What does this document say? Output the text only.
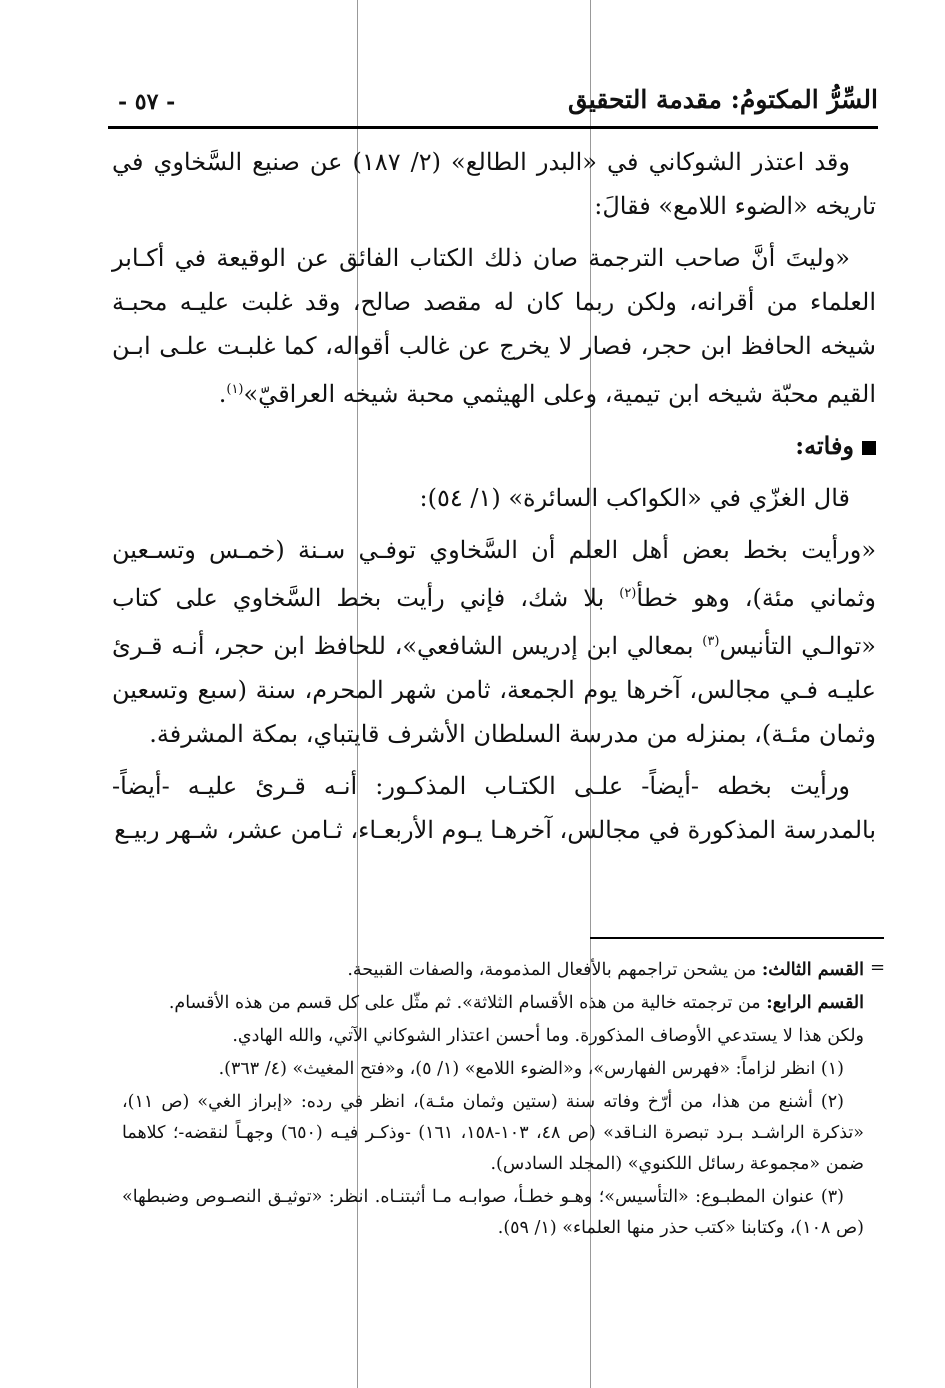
السِّرُّ المكتومُ: مقدمة التحقيق
- ٥٧ -

وقد اعتذر الشوكاني في «البدر الطالع» (٢/ ١٨٧) عن صنيع السَّخاوي في تاريخه «الضوء اللامع» فقالَ:

«وليتَ أنَّ صاحب الترجمة صان ذلك الكتاب الفائق عن الوقيعة في أكـابر العلماء من أقرانه، ولكن ربما كان له مقصد صالح، وقد غلبت عليـه محبـة شيخه الحافظ ابن حجر، فصار لا يخرج عن غالب أقواله، كما غلبـت علـى ابـن القيم محبّة شيخه ابن تيمية، وعلى الهيثمي محبة شيخه العراقيّ»$^{(١)}$.

وفاته:

قال الغزّي في «الكواكب السائرة» (١/ ٥٤):

«ورأيت بخط بعض أهل العلم أن السَّخاوي توفـي سـنة (خمـس وتسـعين وثماني مئة)، وهو خطأ$^{(٢)}$ بلا شك، فإني رأيت بخط السَّخاوي على كتاب «توالـي التأنيس$^{(٣)}$ بمعالي ابن إدريس الشافعي»، للحافظ ابن حجر، أنـه قـرئ عليـه فـي مجالس، آخرها يوم الجمعة، ثامن شهر المحرم، سنة (سبع وتسعين وثمان مئـة)، بمنزله من مدرسة السلطان الأشرف قايتباي، بمكة المشرفة.

ورأيت بخطه -أيضاً- علـى الكتـاب المذكـور: أنـه قـرئ عليـه -أيضاً- بالمدرسة المذكورة في مجالس، آخرهـا يـوم الأربعـاء، ثـامن عشر، شـهر ربيـع

=

القسم الثالث: من يشحن تراجمهم بالأفعال المذمومة، والصفات القبيحة.

القسم الرابع: من ترجمته خالية من هذه الأقسام الثلاثة». ثم مثّل على كل قسم من هذه الأقسام.

ولكن هذا لا يستدعي الأوصاف المذكورة. وما أحسن اعتذار الشوكاني الآتي، والله الهادي.

(١) انظر لزاماً: «فهرس الفهارس»، و«الضوء اللامع» (١/ ٥)، و«فتح المغيث» (٤/ ٣٦٣).

(٢) أشنع من هذا، من أرّخ وفاته سنة (ستين وثمان مئـة)، انظر في رده: «إبراز الغي» (ص ١١)، «تذكرة الراشـد بـرد تبصرة النـاقد» (ص ٤٨، ١٠٣-١٥٨، ١٦١) -وذكـر فيـه (٦٥٠) وجهـاً لنقضه-؛ كلاهما ضمن «مجموعة رسائل اللكنوي» (المجلد السادس).

(٣) عنوان المطبـوع: «التأسيس»؛ وهـو خطـأ، صوابـه مـا أثبتنـاه. انظر: «توثيـق النصـوص وضبطها» (ص ١٠٨)، وكتابنا «كتب حذر منها العلماء» (١/ ٥٩).
